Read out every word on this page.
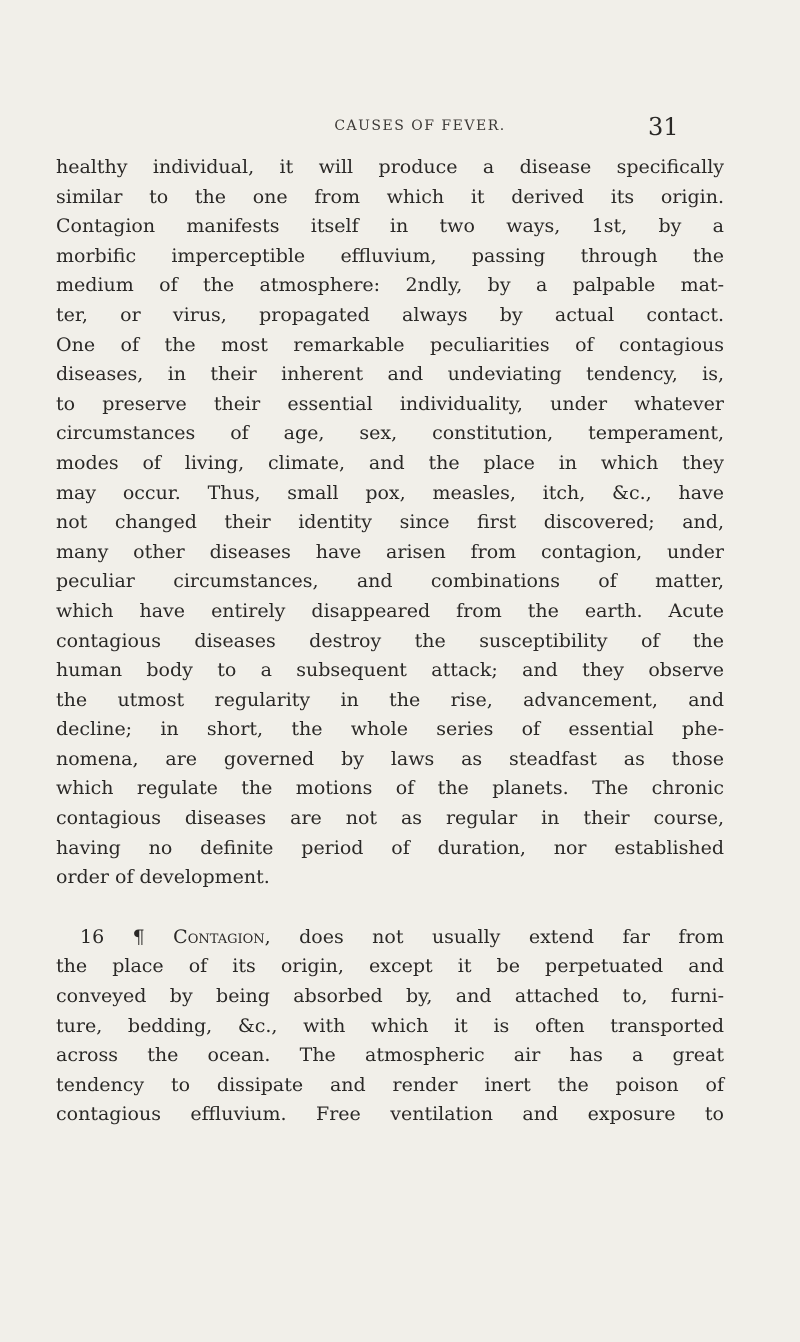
CAUSES OF FEVER.	31
healthy individual, it will produce a disease specifically
similar to the one from which it derived its origin.
Contagion manifests itself in two ways, 1st, by a
morbific imperceptible effluvium, passing through the
medium of the atmosphere: 2ndly, by a palpable mat-
ter, or virus, propagated always by actual contact.
One of the most remarkable peculiarities of contagious
diseases, in their inherent and undeviating tendency, is,
to preserve their essential individuality, under whatever
circumstances of age, sex, constitution, temperament,
modes of living, climate, and the place in which they
may occur. Thus, small pox, measles, itch, &c., have
not changed their identity since first discovered; and,
many other diseases have arisen from contagion, under
peculiar circumstances, and combinations of matter,
which have entirely disappeared from the earth. Acute
contagious diseases destroy the susceptibility of the
human body to a subsequent attack; and they observe
the utmost regularity in the rise, advancement, and
decline; in short, the whole series of essential phe-
nomena, are governed by laws as steadfast as those
which regulate the motions of the planets. The chronic
contagious diseases are not as regular in their course,
having no definite period of duration, nor established
order of development.
16 ¶ Contagion, does not usually extend far from
the place of its origin, except it be perpetuated and
conveyed by being absorbed by, and attached to, furni-
ture, bedding, &c., with which it is often transported
across the ocean. The atmospheric air has a great
tendency to dissipate and render inert the poison of
contagious effluvium. Free ventilation and exposure to
